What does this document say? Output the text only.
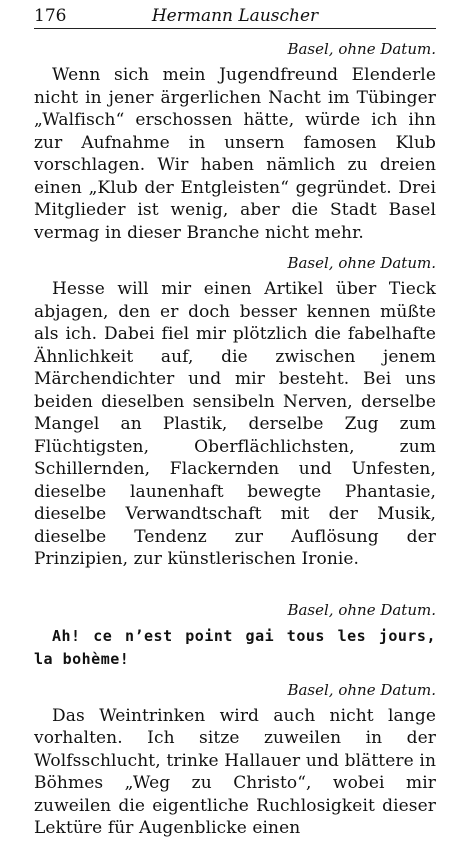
176	Hermann Lauscher
Basel, ohne Datum.

Wenn sich mein Jugendfreund Elenderle nicht in jener ärgerlichen Nacht im Tübinger „Walfisch“ erschossen hätte, würde ich ihn zur Aufnahme in unsern famosen Klub vorschlagen. Wir haben nämlich zu dreien einen „Klub der Entgleisten“ gegründet. Drei Mitglieder ist wenig, aber die Stadt Basel vermag in dieser Branche nicht mehr.

Basel, ohne Datum.

Hesse will mir einen Artikel über Tieck abjagen, den er doch besser kennen müßte als ich. Dabei fiel mir plötzlich die fabelhafte Ähnlichkeit auf, die zwischen jenem Märchendichter und mir besteht. Bei uns beiden dieselben sensibeln Nerven, derselbe Mangel an Plastik, derselbe Zug zum Flüchtigsten, Oberflächlichsten, zum Schillernden, Flackernden und Unfesten, dieselbe launenhaft bewegte Phantasie, dieselbe Verwandtschaft mit der Musik, dieselbe Tendenz zur Auflösung der Prinzipien, zur künstlerischen Ironie.

Basel, ohne Datum.

Ah! ce n’est point gai tous les jours, la bohème!

Basel, ohne Datum.

Das Weintrinken wird auch nicht lange vorhalten. Ich sitze zuweilen in der Wolfsschlucht, trinke Hallauer und blättere in Böhmes „Weg zu Christo“, wobei mir zuweilen die eigentliche Ruchlosigkeit dieser Lektüre für Augenblicke einen
